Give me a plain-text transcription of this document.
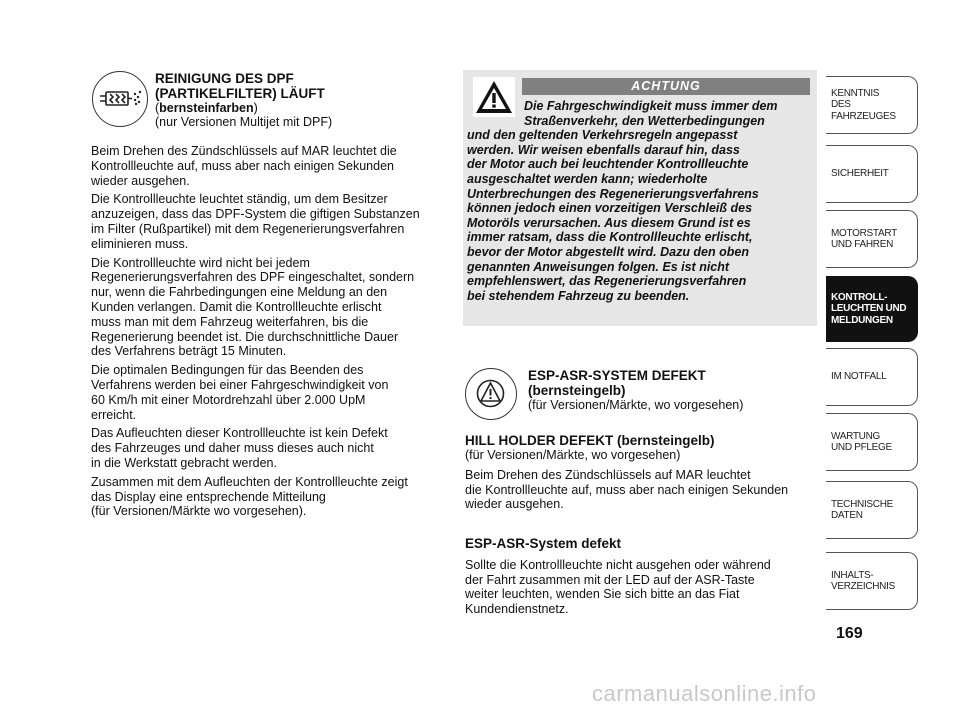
REINIGUNG DES DPF
(PARTIKELFILTER) LÄUFT
(bernsteinfarben)
(nur Versionen Multijet mit DPF)

Beim Drehen des Zündschlüssels auf MAR leuchtet die
Kontrollleuchte auf, muss aber nach einigen Sekunden
wieder ausgehen.

Die Kontrollleuchte leuchtet ständig, um dem Besitzer
anzuzeigen, dass das DPF-System die giftigen Substanzen
im Filter (Rußpartikel) mit dem Regenerierungsverfahren
eliminieren muss.

Die Kontrollleuchte wird nicht bei jedem
Regenerierungsverfahren des DPF eingeschaltet, sondern
nur, wenn die Fahrbedingungen eine Meldung an den
Kunden verlangen. Damit die Kontrollleuchte erlischt
muss man mit dem Fahrzeug weiterfahren, bis die
Regenerierung beendet ist. Die durchschnittliche Dauer
des Verfahrens beträgt 15 Minuten.

Die optimalen Bedingungen für das Beenden des
Verfahrens werden bei einer Fahrgeschwindigkeit von
60 Km/h mit einer Motordrehzahl über 2.000 UpM
erreicht.

Das Aufleuchten dieser Kontrollleuchte ist kein Defekt
des Fahrzeuges und daher muss dieses auch nicht
in die Werkstatt gebracht werden.

Zusammen mit dem Aufleuchten der Kontrollleuchte zeigt
das Display eine entsprechende Mitteilung
(für Versionen/Märkte wo vorgesehen).

ACHTUNG
Die Fahrgeschwindigkeit muss immer dem
Straßenverkehr, den Wetterbedingungen
und den geltenden Verkehrsregeln angepasst
werden. Wir weisen ebenfalls darauf hin, dass
der Motor auch bei leuchtender Kontrollleuchte
ausgeschaltet werden kann; wiederholte
Unterbrechungen des Regenerierungsverfahrens
können jedoch einen vorzeitigen Verschleiß des
Motoröls verursachen. Aus diesem Grund ist es
immer ratsam, dass die Kontrollleuchte erlischt,
bevor der Motor abgestellt wird. Dazu den oben
genannten Anweisungen folgen. Es ist nicht
empfehlenswert, das Regenerierungsverfahren
bei stehendem Fahrzeug zu beenden.
ESP-ASR-SYSTEM DEFEKT
(bernsteingelb)
(für Versionen/Märkte, wo vorgesehen)
HILL HOLDER DEFEKT (bernsteingelb)
(für Versionen/Märkte, wo vorgesehen)

Beim Drehen des Zündschlüssels auf MAR leuchtet
die Kontrollleuchte auf, muss aber nach einigen Sekunden
wieder ausgehen.

ESP-ASR-System defekt

Sollte die Kontrollleuchte nicht ausgehen oder während
der Fahrt zusammen mit der LED auf der ASR-Taste
weiter leuchten, wenden Sie sich bitte an das Fiat
Kundendienstnetz.

KENNTNIS
DES FAHRZEUGES
SICHERHEIT
MOTORSTART
UND FAHREN
KONTROLL-
LEUCHTEN UND
MELDUNGEN
IM NOTFALL
WARTUNG
UND PFLEGE
TECHNISCHE
DATEN
INHALTS-
VERZEICHNIS
169
carmanualsonline.info
